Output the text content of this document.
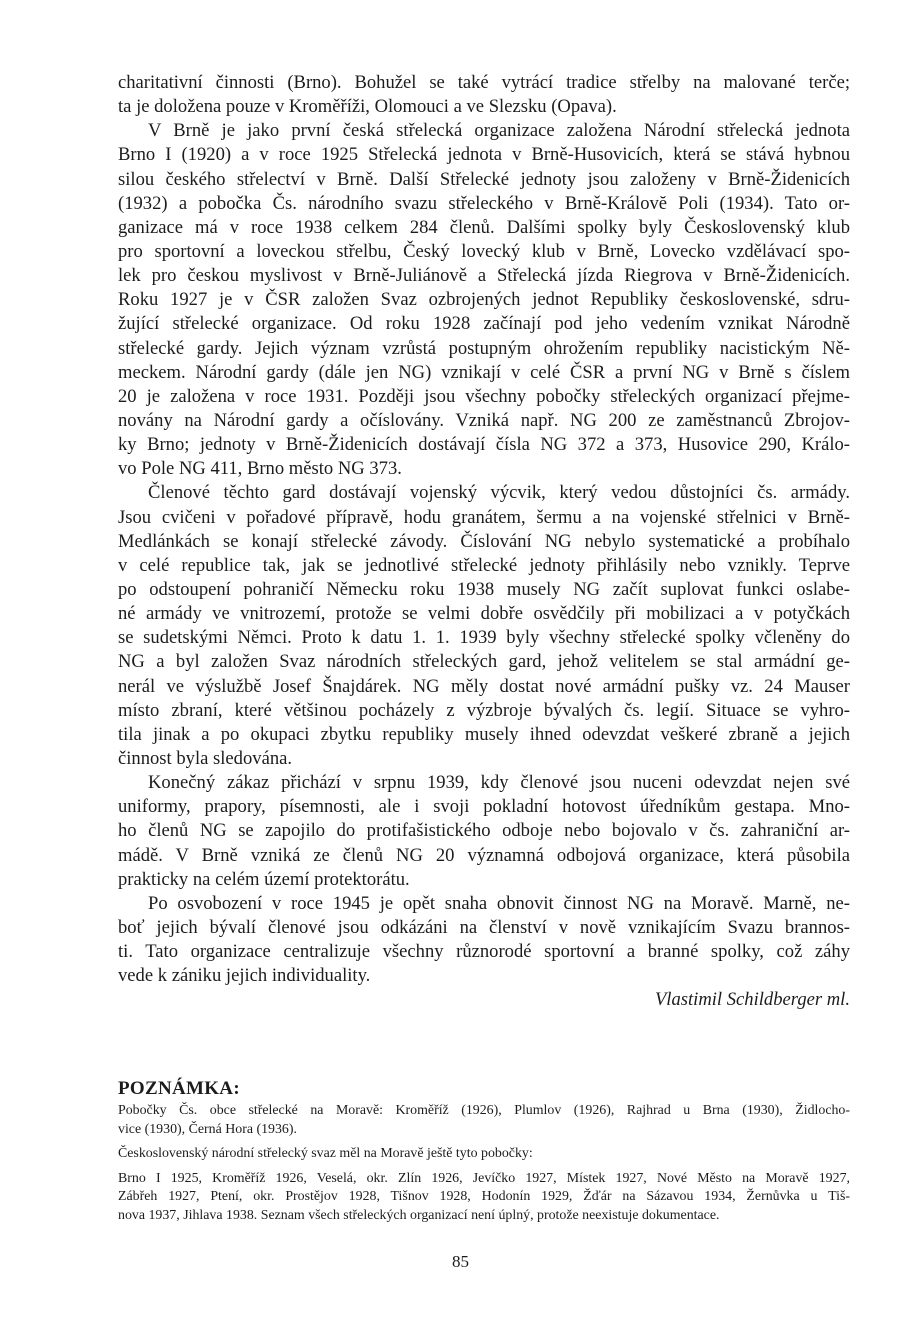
charitativní činnosti (Brno). Bohužel se také vytrácí tradice střelby na malované terče;
ta je doložena pouze v Kroměříži, Olomouci a ve Slezsku (Opava).
V Brně je jako první česká střelecká organizace založena Národní střelecká jednota
Brno I (1920) a v roce 1925 Střelecká jednota v Brně-Husovicích, která se stává hybnou
silou českého střelectví v Brně. Další Střelecké jednoty jsou založeny v Brně-Židenicích
(1932) a pobočka Čs. národního svazu střeleckého v Brně-Královĕ Poli (1934). Tato or-
ganizace má v roce 1938 celkem 284 členů. Dalšími spolky byly Československý klub
pro sportovní a loveckou střelbu, Český lovecký klub v Brně, Lovecko vzdělávací spo-
lek pro českou myslivost v Brně-Juliánově a Střelecká jízda Riegrova v Brně-Židenicích.
Roku 1927 je v ČSR založen Svaz ozbrojených jednot Republiky československé, sdru-
žující střelecké organizace. Od roku 1928 začínají pod jeho vedením vznikat Národně
střelecké gardy. Jejich význam vzrůstá postupným ohrožením republiky nacistickým Ně-
meckem. Národní gardy (dále jen NG) vznikají v celé ČSR a první NG v Brně s číslem
20 je založena v roce 1931. Později jsou všechny pobočky střeleckých organizací přejme-
novány na Národní gardy a očíslovány. Vzniká např. NG 200 ze zaměstnanců Zbrojov-
ky Brno; jednoty v Brně-Židenicích dostávají čísla NG 372 a 373, Husovice 290, Králo-
vo Pole NG 411, Brno město NG 373.
Členové těchto gard dostávají vojenský výcvik, který vedou důstojníci čs. armády.
Jsou cvičeni v pořadové přípravě, hodu granátem, šermu a na vojenské střelnici v Brně-
Medlánkách se konají střelecké závody. Číslování NG nebylo systematické a probíhalo
v celé republice tak, jak se jednotlivé střelecké jednoty přihlásily nebo vznikly. Teprve
po odstoupení pohraničí Německu roku 1938 musely NG začít suplovat funkci oslabe-
né armády ve vnitrozemí, protože se velmi dobře osvědčily při mobilizaci a v potyčkách
se sudetskými Němci. Proto k datu 1. 1. 1939 byly všechny střelecké spolky včleněny do
NG a byl založen Svaz národních střeleckých gard, jehož velitelem se stal armádní ge-
nerál ve výslužbě Josef Šnajdárek. NG měly dostat nové armádní pušky vz. 24 Mauser
místo zbraní, které většinou pocházely z výzbroje bývalých čs. legií. Situace se vyhro-
tila jinak a po okupaci zbytku republiky musely ihned odevzdat veškeré zbraně a jejich
činnost byla sledována.
Konečný zákaz přichází v srpnu 1939, kdy členové jsou nuceni odevzdat nejen své
uniformy, prapory, písemnosti, ale i svoji pokladní hotovost úředníkům gestapa. Mno-
ho členů NG se zapojilo do protifašistického odboje nebo bojovalo v čs. zahraniční ar-
mádě. V Brně vzniká ze členů NG 20 významná odbojová organizace, která působila
prakticky na celém území protektorátu.
Po osvobození v roce 1945 je opět snaha obnovit činnost NG na Moravě. Marně, ne-
boť jejich bývalí členové jsou odkázáni na členství v nově vznikajícím Svazu brannos-
ti. Tato organizace centralizuje všechny různorodé sportovní a branné spolky, což záhy
vede k zániku jejich individuality.
Vlastimil Schildberger ml.
POZNÁMKA:
Pobočky Čs. obce střelecké na Moravě: Kroměříž (1926), Plumlov (1926), Rajhrad u Brna (1930), Židlocho-
vice (1930), Černá Hora (1936).
Československý národní střelecký svaz měl na Moravě ještě tyto pobočky:
Brno I 1925, Kroměříž 1926, Veselá, okr. Zlín 1926, Jevíčko 1927, Místek 1927, Nové Město na Moravě 1927,
Zábřeh 1927, Ptení, okr. Prostějov 1928, Tišnov 1928, Hodonín 1929, Žďár na Sázavou 1934, Žernůvka u Tiš-
nova 1937, Jihlava 1938. Seznam všech střeleckých organizací není úplný, protože neexistuje dokumentace.
85
